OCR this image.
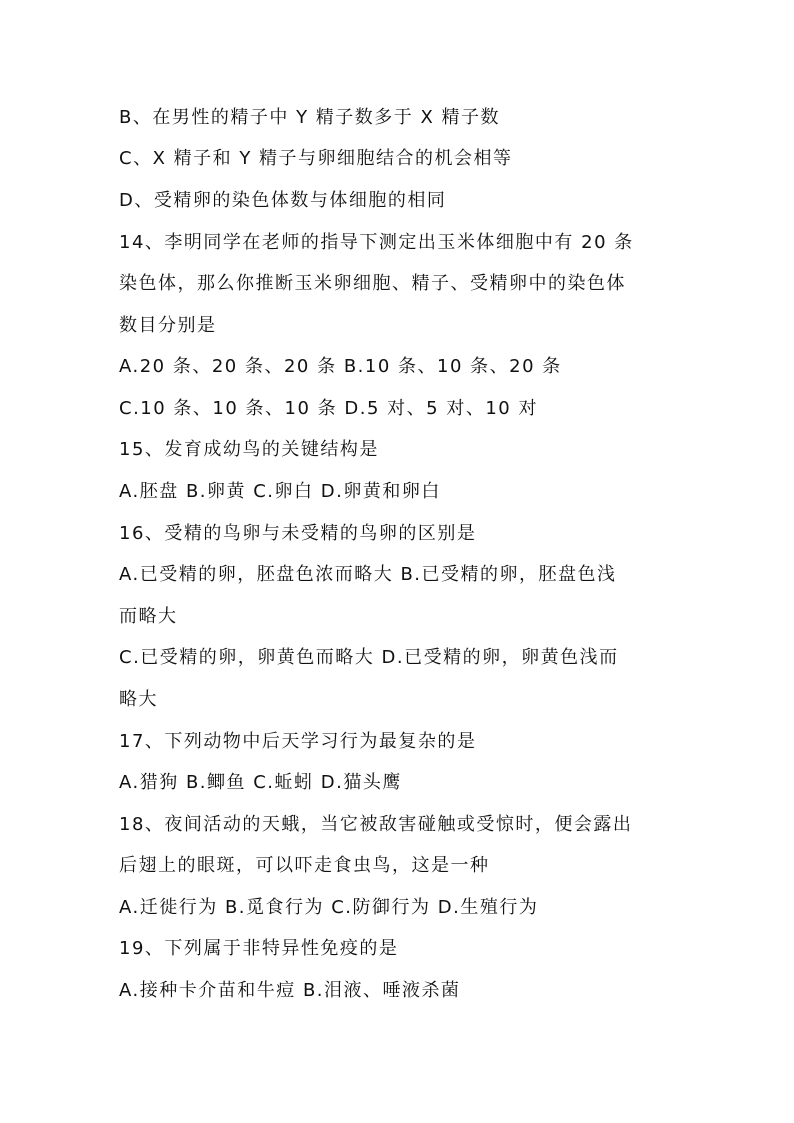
B、在男性的精子中 Y 精子数多于 X 精子数
C、X 精子和 Y 精子与卵细胞结合的机会相等
D、受精卵的染色体数与体细胞的相同
14、李明同学在老师的指导下测定出玉米体细胞中有 20 条
染色体，那么你推断玉米卵细胞、精子、受精卵中的染色体
数目分别是
A.20 条、20 条、20 条 B.10 条、10 条、20 条
C.10 条、10 条、10 条 D.5 对、5 对、10 对
15、发育成幼鸟的关键结构是
A.胚盘 B.卵黄 C.卵白 D.卵黄和卵白
16、受精的鸟卵与未受精的鸟卵的区别是
A.已受精的卵，胚盘色浓而略大 B.已受精的卵，胚盘色浅
而略大
C.已受精的卵，卵黄色而略大 D.已受精的卵，卵黄色浅而
略大
17、下列动物中后天学习行为最复杂的是
A.猎狗 B.鲫鱼 C.蚯蚓 D.猫头鹰
18、夜间活动的天蛾，当它被敌害碰触或受惊时，便会露出
后翅上的眼斑，可以吓走食虫鸟，这是一种
A.迁徙行为 B.觅食行为 C.防御行为 D.生殖行为
19、下列属于非特异性免疫的是
A.接种卡介苗和牛痘 B.泪液、唾液杀菌
